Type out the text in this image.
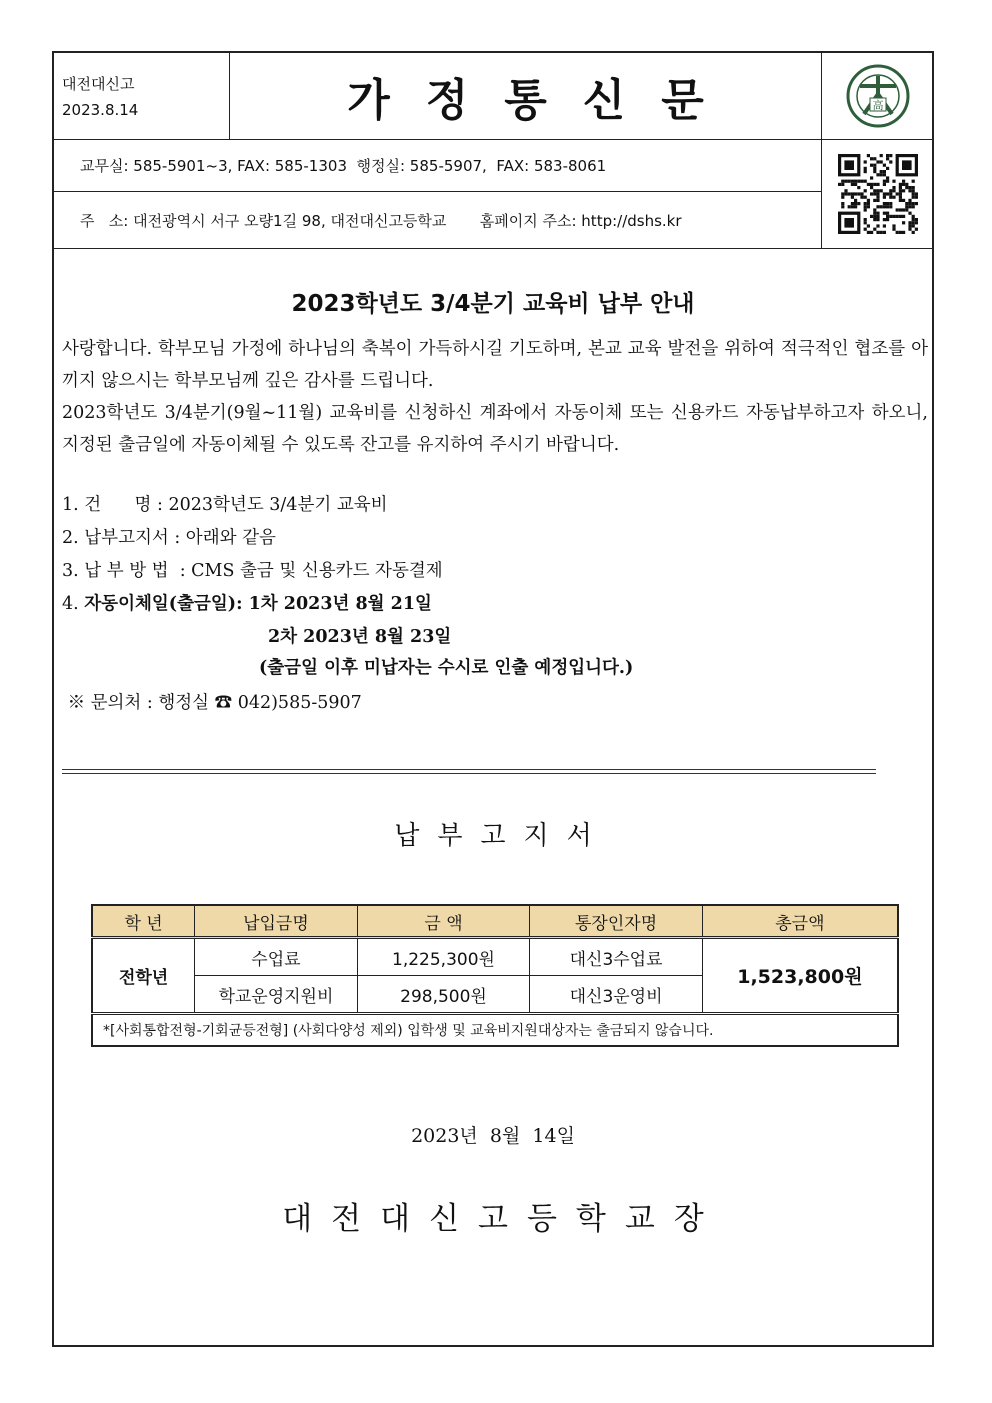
대전대신고
2023.8.14	가정통신문	高
교무실: 585-5901~3, FAX: 585-1303  행정실: 585-5907,  FAX: 583-8061
주   소: 대전광역시 서구 오량1길 98, 대전대신고등학교       홈페이지 주소: http://dshs.kr
2023학년도 3/4분기 교육비 납부 안내
사랑합니다. 학부모님 가정에 하나님의 축복이 가득하시길 기도하며, 본교 교육 발전을 위하여 적극적인 협조를 아끼지 않으시는 학부모님께 깊은 감사를 드립니다.
2023학년도 3/4분기(9월~11월) 교육비를 신청하신 계좌에서 자동이체 또는 신용카드 자동납부하고자 하오니, 지정된 출금일에 자동이체될 수 있도록 잔고를 유지하여 주시기 바랍니다.
1. 건      명 : 2023학년도 3/4분기 교육비
2. 납부고지서 : 아래와 같음
3. 납 부 방 법  : CMS 출금 및 신용카드 자동결제
4. 자동이체일(출금일): 1차 2023년 8월 21일
2차 2023년 8월 23일
(출금일 이후 미납자는 수시로 인출 예정입니다.)
※ 문의처 : 행정실 ☎ 042)585-5907
납부고지서
학 년	납입금명	금 액	통장인자명	총금액
전학년	수업료	1,225,300원	대신3수업료	1,523,800원
	학교운영지원비	298,500원	대신3운영비	
*[사회통합전형-기회균등전형] (사회다양성 제외) 입학생 및 교육비지원대상자는 출금되지 않습니다.				
2023년  8월  14일
대전대신고등학교장
